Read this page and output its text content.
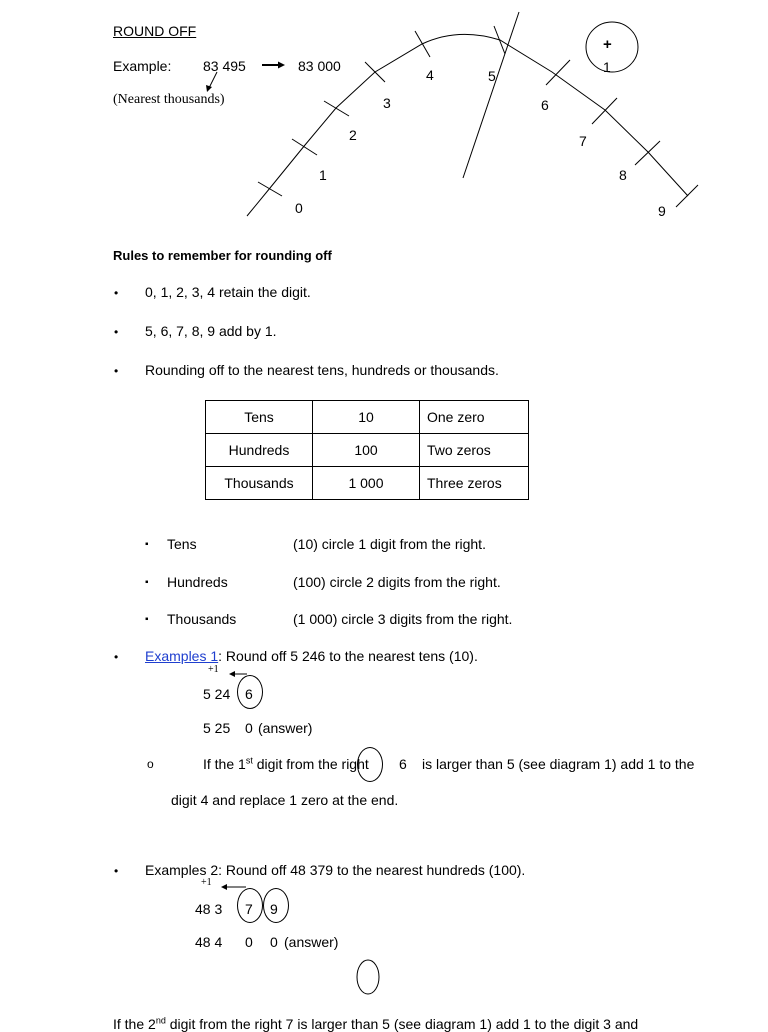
ROUND OFF
Example: 83 495	83 000
(Nearest thousands)
0
1
2
3
4	5
6
7
8
9
+
1
Rules to remember for rounding off
• 0, 1, 2, 3, 4 retain the digit.
• 5, 6, 7, 8, 9 add by 1.
• Rounding off to the nearest tens, hundreds or thousands.
Tens	10	One zero
Hundreds	100	Two zeros
Thousands	1 000	Three zeros
▪ Tens	(10) circle 1 digit from the right.
▪ Hundreds	(100) circle 2 digits from the right.
▪ Thousands	(1 000) circle 3 digits from the right.
• Examples 1: Round off 5 246 to the nearest tens (10).
+1
5 24 6
5 25 0 (answer)
o	If the 1st digit from the right 6 is larger than 5 (see diagram 1) add 1 to the
digit 4 and replace 1 zero at the end.
• Examples 2: Round off 48 379 to the nearest hundreds (100).
+1
48 3 7 9
48 4 0 0 (answer)
If the 2nd digit from the right 7 is larger than 5 (see diagram 1) add 1 to the digit 3 and
